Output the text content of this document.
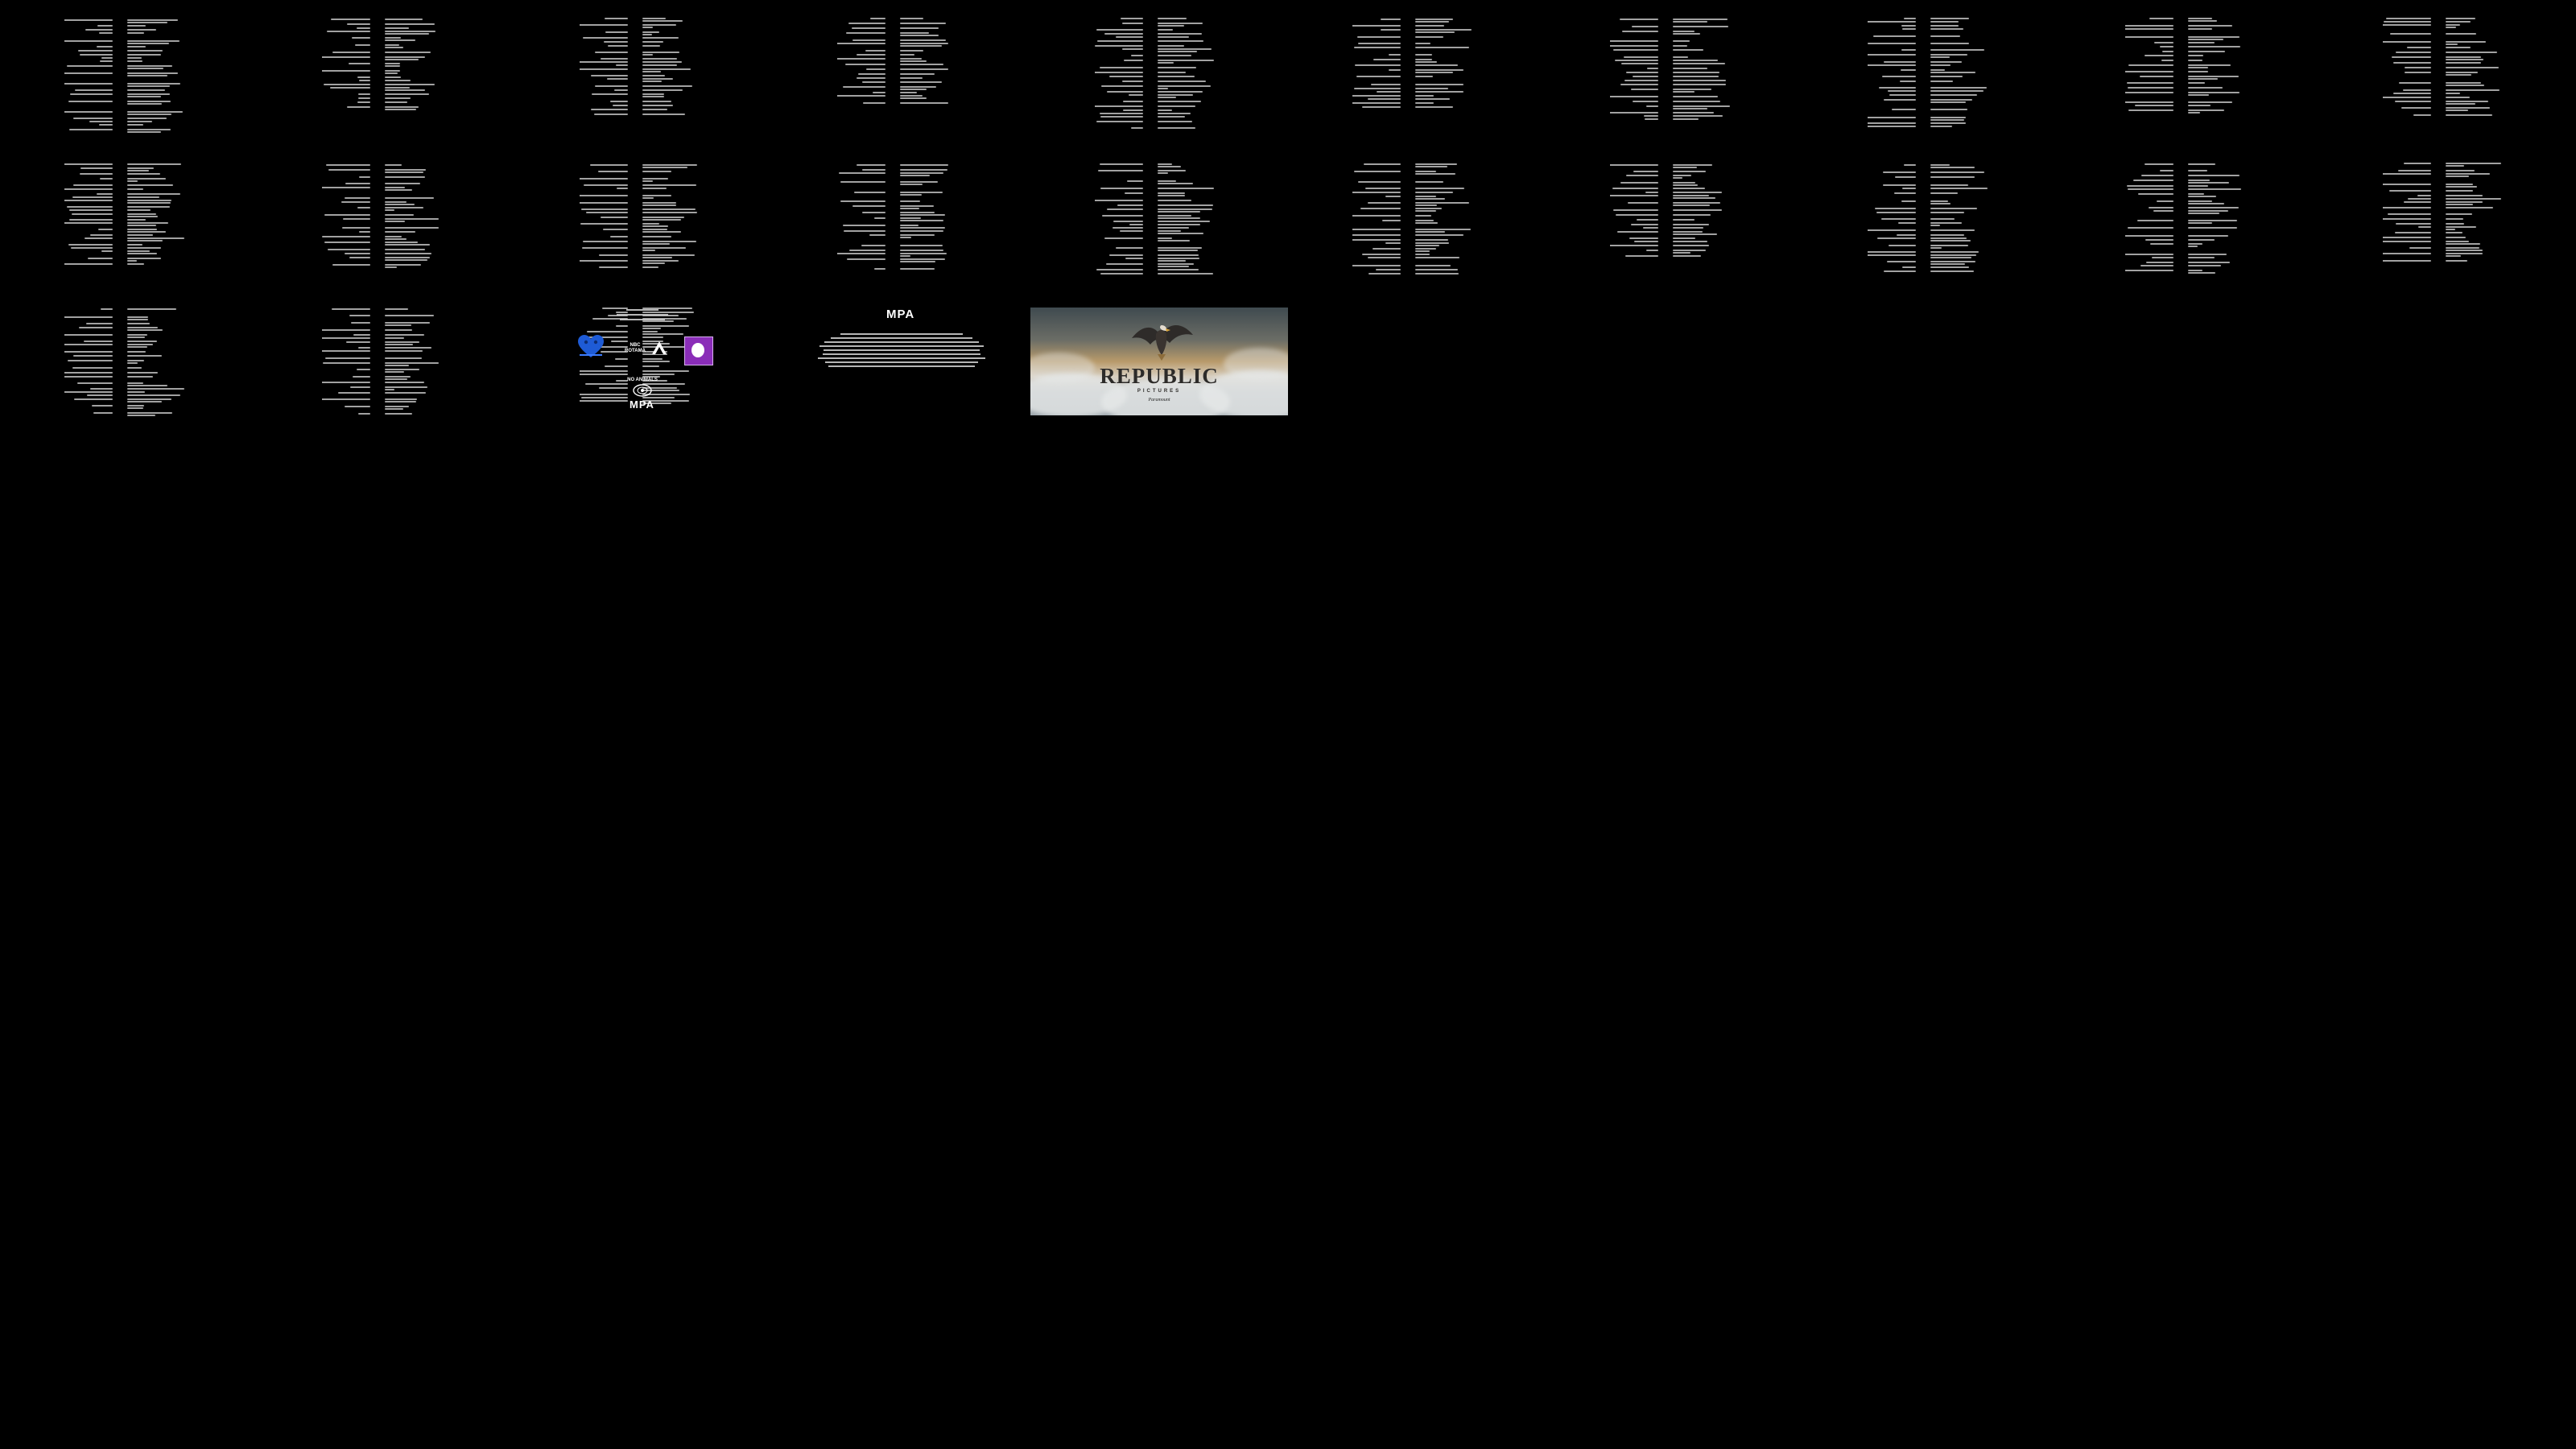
MPA
NBC
ROTAMA
NO ANIMALS
MPA
REPUBLIC
PICTURES
Paramount
